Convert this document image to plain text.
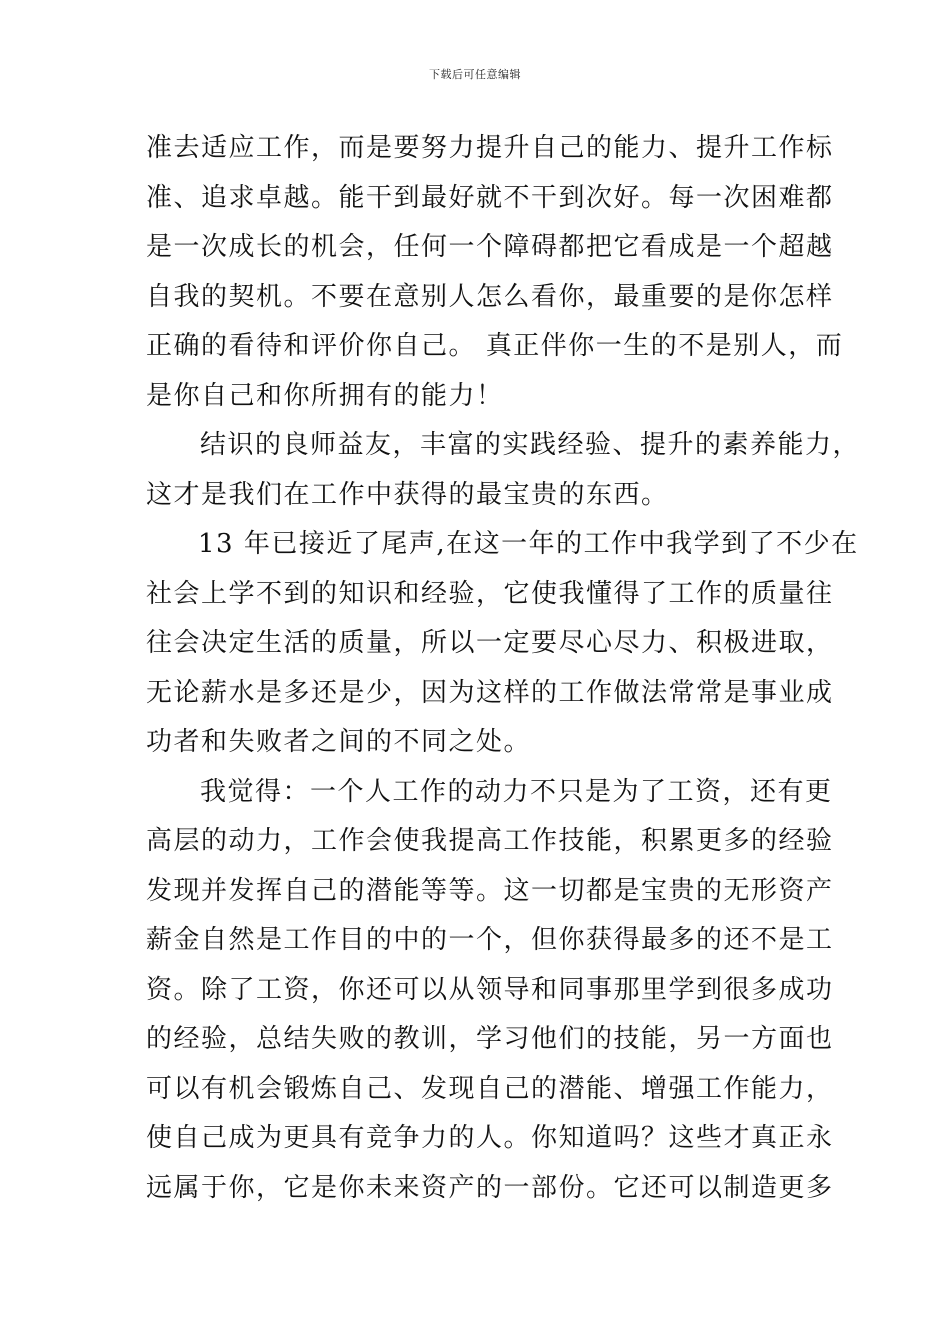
下载后可任意编辑
准去适应工作，而是要努力提升自己的能力、提升工作标
准、追求卓越。能干到最好就不干到次好。每一次困难都
是一次成长的机会，任何一个障碍都把它看成是一个超越
自我的契机。不要在意别人怎么看你，最重要的是你怎样
正确的看待和评价你自己。 真正伴你一生的不是别人，而
是你自己和你所拥有的能力！
结识的良师益友，丰富的实践经验、提升的素养能力，
这才是我们在工作中获得的最宝贵的东西。
13 年已接近了尾声,在这一年的工作中我学到了不少在
社会上学不到的知识和经验，它使我懂得了工作的质量往
往会决定生活的质量，所以一定要尽心尽力、积极进取，
无论薪水是多还是少，因为这样的工作做法常常是事业成
功者和失败者之间的不同之处。
我觉得：一个人工作的动力不只是为了工资，还有更
高层的动力，工作会使我提高工作技能，积累更多的经验
发现并发挥自己的潜能等等。这一切都是宝贵的无形资产
薪金自然是工作目的中的一个，但你获得最多的还不是工
资。除了工资，你还可以从领导和同事那里学到很多成功
的经验，总结失败的教训，学习他们的技能，另一方面也
可以有机会锻炼自己、发现自己的潜能、增强工作能力，
使自己成为更具有竞争力的人。你知道吗？这些才真正永
远属于你，它是你未来资产的一部份。它还可以制造更多
